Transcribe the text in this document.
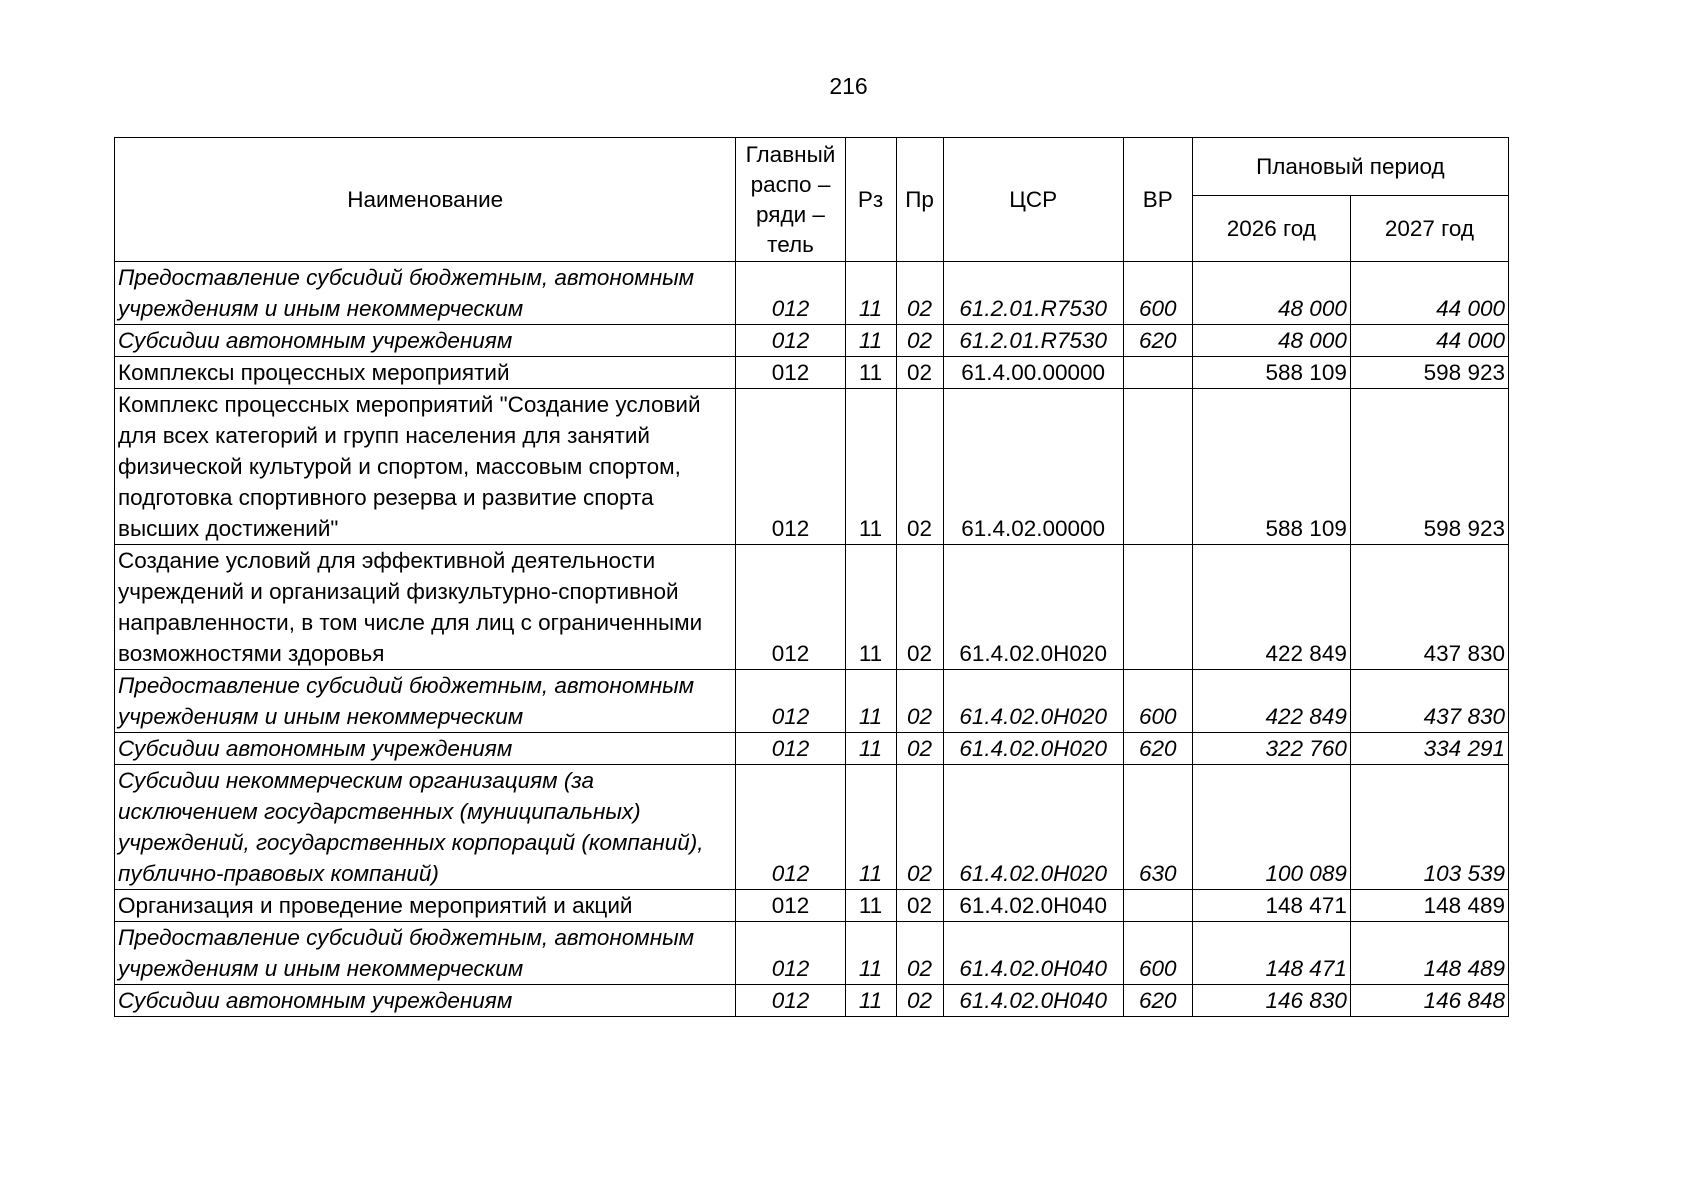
216
Наименование	Главный
распо –
ряди –
тель	Рз	Пр	ЦСР	ВР	Плановый период	
						2026 год	2027 год
Предоставление субсидий бюджетным, автономным учреждениям и иным некоммерческим	012	11	02	61.2.01.R7530	600	48 000	44 000
Субсидии автономным учреждениям	012	11	02	61.2.01.R7530	620	48 000	44 000
Комплексы процессных мероприятий	012	11	02	61.4.00.00000		588 109	598 923
Комплекс процессных мероприятий "Создание условий для всех категорий и групп населения для занятий физической культурой и спортом, массовым спортом, подготовка спортивного резерва и развитие спорта высших достижений"	012	11	02	61.4.02.00000		588 109	598 923
Создание условий для эффективной деятельности учреждений и организаций физкультурно-спортивной направленности, в том числе для лиц с ограниченными возможностями здоровья	012	11	02	61.4.02.0Н020		422 849	437 830
Предоставление субсидий бюджетным, автономным учреждениям и иным некоммерческим	012	11	02	61.4.02.0Н020	600	422 849	437 830
Субсидии автономным учреждениям	012	11	02	61.4.02.0Н020	620	322 760	334 291
Субсидии некоммерческим организациям (за исключением государственных (муниципальных) учреждений, государственных корпораций (компаний), публично-правовых компаний)	012	11	02	61.4.02.0Н020	630	100 089	103 539
Организация и проведение мероприятий и акций	012	11	02	61.4.02.0Н040		148 471	148 489
Предоставление субсидий бюджетным, автономным учреждениям и иным некоммерческим	012	11	02	61.4.02.0Н040	600	148 471	148 489
Субсидии автономным учреждениям	012	11	02	61.4.02.0Н040	620	146 830	146 848
